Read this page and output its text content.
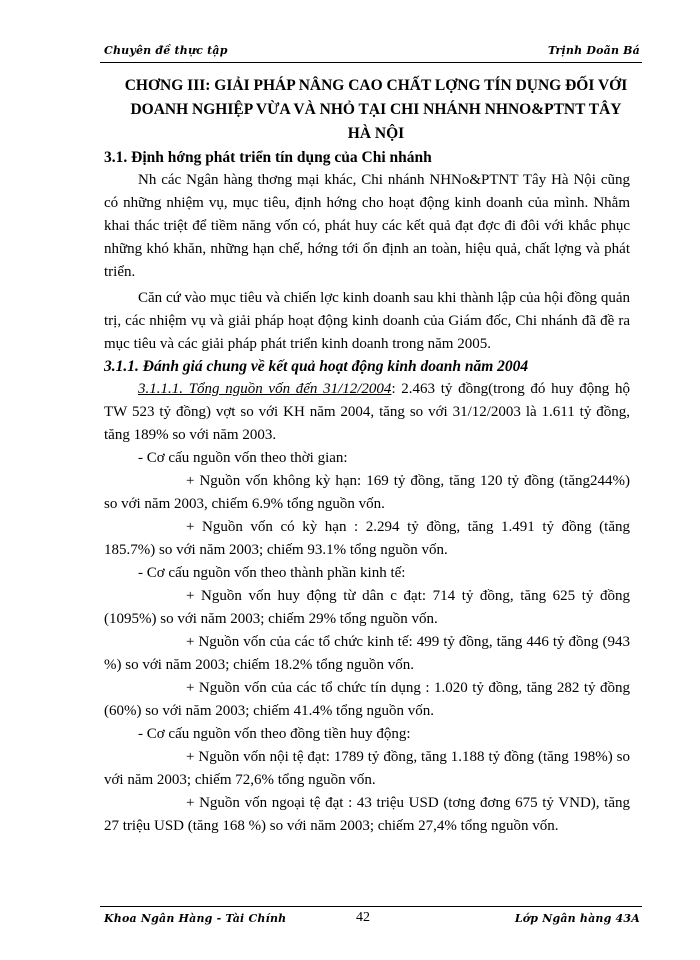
Chuyên đề thực tập	Trịnh Doãn Bá
CHƠNG III: GIẢI PHÁP NÂNG CAO CHẤT LỢNG TÍN DỤNG ĐỐI VỚI DOANH NGHIỆP VỪA VÀ NHỎ TẠI CHI NHÁNH NHNO&PTNT TÂY HÀ NỘI
3.1. Định hớng phát triển tín dụng của Chi nhánh

Nh các Ngân hàng thơng mại khác, Chi nhánh NHNo&PTNT Tây Hà Nội cũng có những nhiệm vụ, mục tiêu, định hớng cho hoạt động kinh doanh của mình. Nhằm khai thác triệt để tiềm năng vốn có, phát huy các kết quả đạt đợc đi đôi với khắc phục những khó khăn, những hạn chế, hớng tới ổn định an toàn, hiệu quả, chất lợng và phát triển.

Căn cứ vào mục tiêu và chiến lợc kinh doanh sau khi thành lập của hội đồng quản trị, các nhiệm vụ và giải pháp hoạt động kinh doanh của Giám đốc, Chi nhánh đã đề ra mục tiêu và các giải pháp phát triển kinh doanh trong năm 2005.

3.1.1. Đánh giá chung về kết quả hoạt động kinh doanh năm 2004

3.1.1.1. Tổng nguồn vốn đến 31/12/2004: 2.463 tỷ đồng(trong đó huy động hộ TW 523 tỷ đồng) vợt so với KH năm 2004, tăng so với 31/12/2003 là 1.611 tỷ đồng, tăng 189% so với năm 2003.

- Cơ cấu nguồn vốn theo thời gian:

+ Nguồn vốn không kỳ hạn: 169 tỷ đồng, tăng 120 tỷ đồng (tăng244%) so với năm 2003, chiếm 6.9% tổng nguồn vốn.

+ Nguồn vốn có kỳ hạn : 2.294 tỷ đồng, tăng 1.491 tỷ đồng (tăng 185.7%) so với năm 2003; chiếm 93.1% tổng nguồn vốn.

- Cơ cấu nguồn vốn theo thành phần kinh tế:

+ Nguồn vốn huy động từ dân c đạt: 714 tỷ đồng, tăng 625 tỷ đồng (1095%) so với năm 2003; chiếm 29% tổng nguồn vốn.

+ Nguồn vốn của các tổ chức kinh tế: 499 tỷ đồng, tăng 446 tỷ đồng (943 %) so với năm 2003; chiếm 18.2% tổng nguồn vốn.

+ Nguồn vốn của các tổ chức tín dụng : 1.020 tỷ đồng, tăng 282 tỷ đồng (60%) so với năm 2003; chiếm 41.4% tổng nguồn vốn.

- Cơ cấu nguồn vốn theo đồng tiền huy động:

+ Nguồn vốn nội tệ đạt: 1789 tỷ đồng, tăng 1.188 tỷ đồng (tăng 198%) so với năm 2003; chiếm 72,6% tổng nguồn vốn.

+ Nguồn vốn ngoại tệ đạt : 43 triệu USD (tơng đơng 675 tỷ VND), tăng 27 triệu USD (tăng 168 %) so với năm 2003; chiếm 27,4% tổng nguồn vốn.

Khoa Ngân Hàng - Tài Chính	42	Lớp Ngân hàng 43A
